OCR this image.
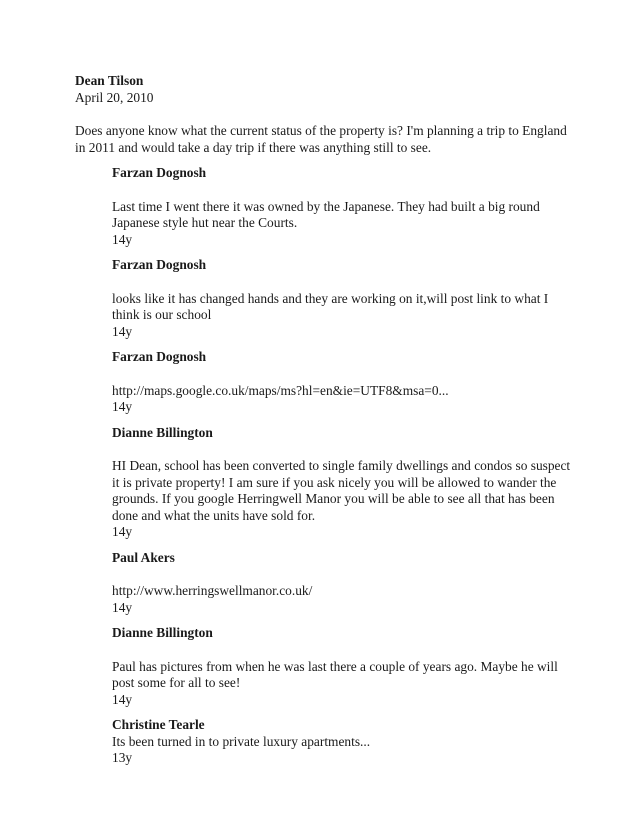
Dean Tilson
April 20, 2010
Does anyone know what the current status of the property is? I'm planning a trip to England in 2011 and would take a day trip if there was anything still to see.
Farzan Dognosh
Last time I went there it was owned by the Japanese. They had built a big round Japanese style hut near the Courts.
14y
Farzan Dognosh
looks like it has changed hands and they are working on it,will post link to what I think is our school
14y
Farzan Dognosh
http://maps.google.co.uk/maps/ms?hl=en&ie=UTF8&msa=0...
14y
Dianne Billington
HI Dean, school has been converted to single family dwellings and condos so suspect it is private property! I am sure if you ask nicely you will be allowed to wander the grounds. If you google Herringwell Manor you will be able to see all that has been done and what the units have sold for.
14y
Paul Akers
http://www.herringswellmanor.co.uk/
14y
Dianne Billington
Paul has pictures from when he was last there a couple of years ago. Maybe he will post some for all to see!
14y
Christine Tearle
Its been turned in to private luxury apartments...
13y
